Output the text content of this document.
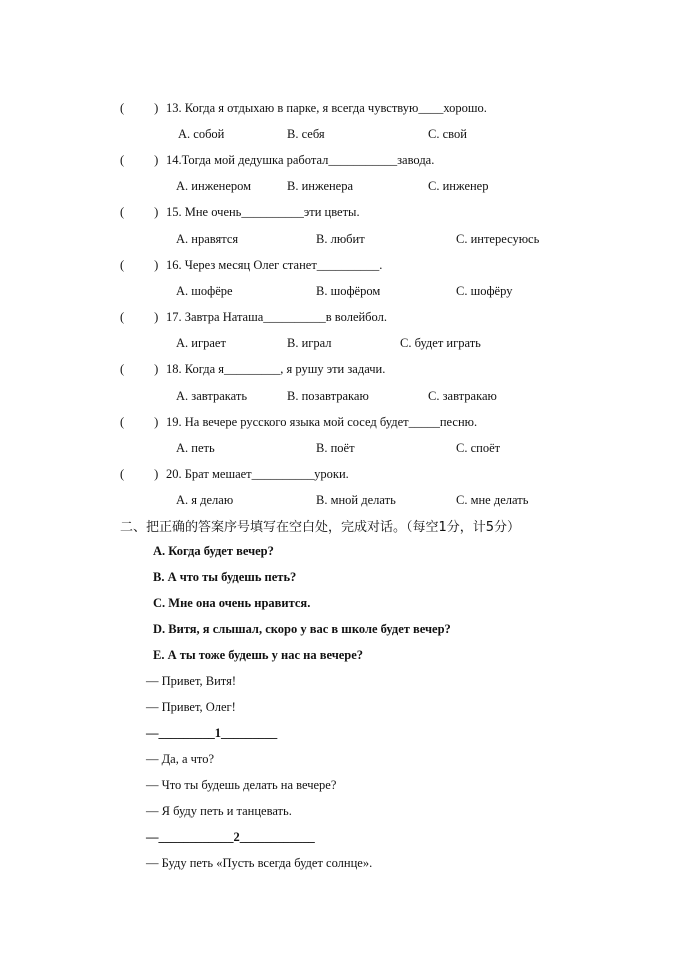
( ) 13. Когда я отдыхаю в парке, я всегда чувствую____хорошо.
A. собой	B. себя	C. свой
( ) 14.Тогда мой дедушка работал___________завода.
A. инженером	B. инженера	C. инженер
( ) 15. Мне очень__________эти цветы.
A. нравятся	B. любит	C. интересуюсь
( ) 16. Через месяц Олег станет__________.
A. шофёре	B. шофёром	C. шофёру
( ) 17. Завтра Наташа__________в волейбол.
A. играет	B. играл	C. будет играть
( ) 18. Когда я_________, я рушу эти задачи.
A. завтракать	B. позавтракаю	C. завтракаю
( ) 19. На вечере русского языка мой сосед будет_____песню.
A. петь	B. поёт	C. споёт
( ) 20. Брат мешает__________уроки.
A. я делаю	B. мной делать	C. мне делать
二、把正确的答案序号填写在空白处，完成对话。（每空1分，计5分）
A. Когда будет вечер?
B. А что ты будешь петь?
C. Мне она очень нравится.
D. Витя, я слышал, скоро у вас в школе будет вечер?
E. А ты тоже будешь у нас на вечере?
— Привет, Витя!
— Привет, Олег!
—_________1_________
— Да, а что?
— Что ты будешь делать на вечере?
— Я буду петь и танцевать.
—____________2____________
— Буду петь «Пусть всегда будет солнце».
